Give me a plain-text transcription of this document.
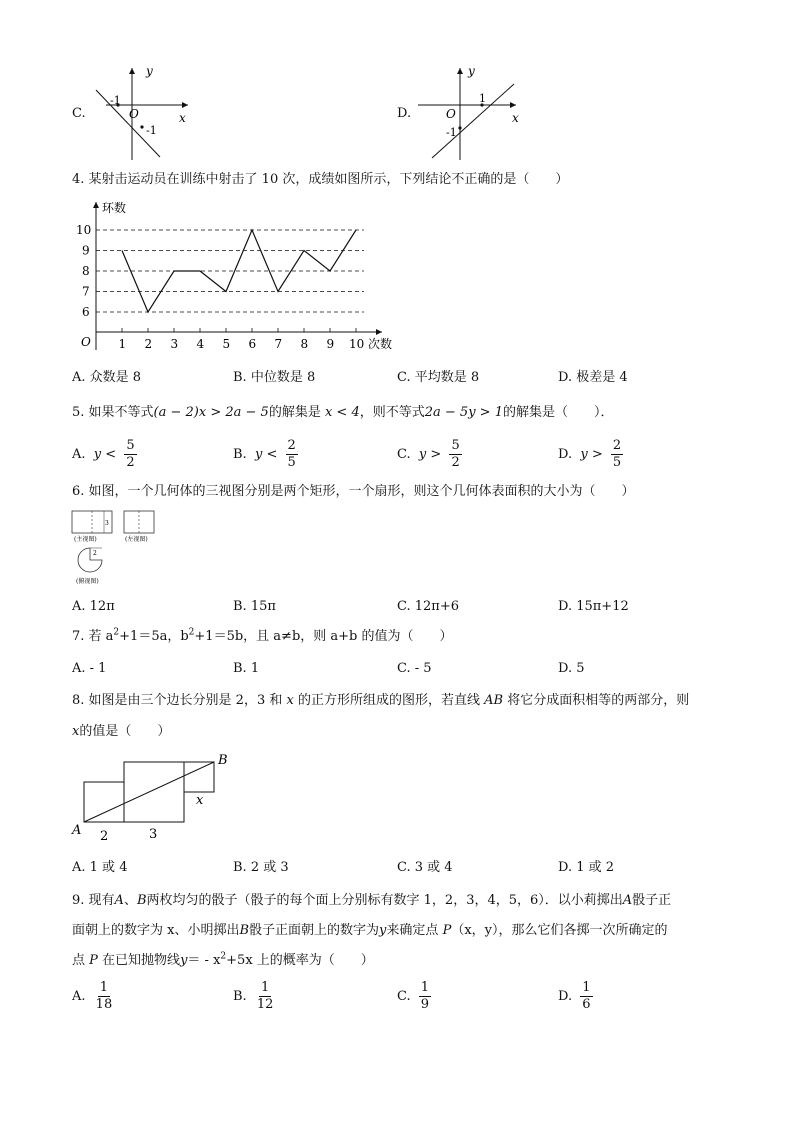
C.
y
x
O
-1
-1
D.
y
x
O
1
-1
4. 某射击运动员在训练中射击了 10 次，成绩如图所示，下列结论不正确的是（　　）
6
7
8
9
10
1 2 3 4 5 6 7 8 9 10
环数
次数
O
A. 众数是 8	B. 中位数是 8	C. 平均数是 8	D. 极差是 4
5. 如果不等式(a − 2)x > 2a − 5的解集是 x < 4，则不等式2a − 5y > 1的解集是（　　）．
A. $y < \frac{5}{2}$	B. $y < \frac{2}{5}$	C. $y > \frac{5}{2}$	D. $y > \frac{2}{5}$
6. 如图，一个几何体的三视图分别是两个矩形，一个扇形，则这个几何体表面积的大小为（　　）
3
(主视图)	(左视图)
2
(俯视图)
A. 12π	B. 15π	C. 12π+6	D. 15π+12
7. 若 $a^2+1=5a$，$b^2+1=5b$，且 a≠b，则 a+b 的值为（　　）
A. - 1	B. 1	C. - 5	D. 5
8. 如图是由三个边长分别是 2，3 和 x 的正方形所组成的图形，若直线 AB 将它分成面积相等的两部分，则
x的值是（　　）
A
B
2	3
x
A. 1 或 4	B. 2 或 3	C. 3 或 4	D. 1 或 2
9. 现有A、B两枚均匀的骰子（骰子的每个面上分别标有数字 1，2，3，4，5，6）．以小莉掷出A骰子正
面朝上的数字为 x、小明掷出B骰子正面朝上的数字为y来确定点 P（x，y），那么它们各掷一次所确定的
点 P 在已知抛物线$y= - x^2+5x$ 上的概率为（　　）
A. $\frac{1}{18}$	B. $\frac{1}{12}$	C. $\frac{1}{9}$	D. $\frac{1}{6}$
